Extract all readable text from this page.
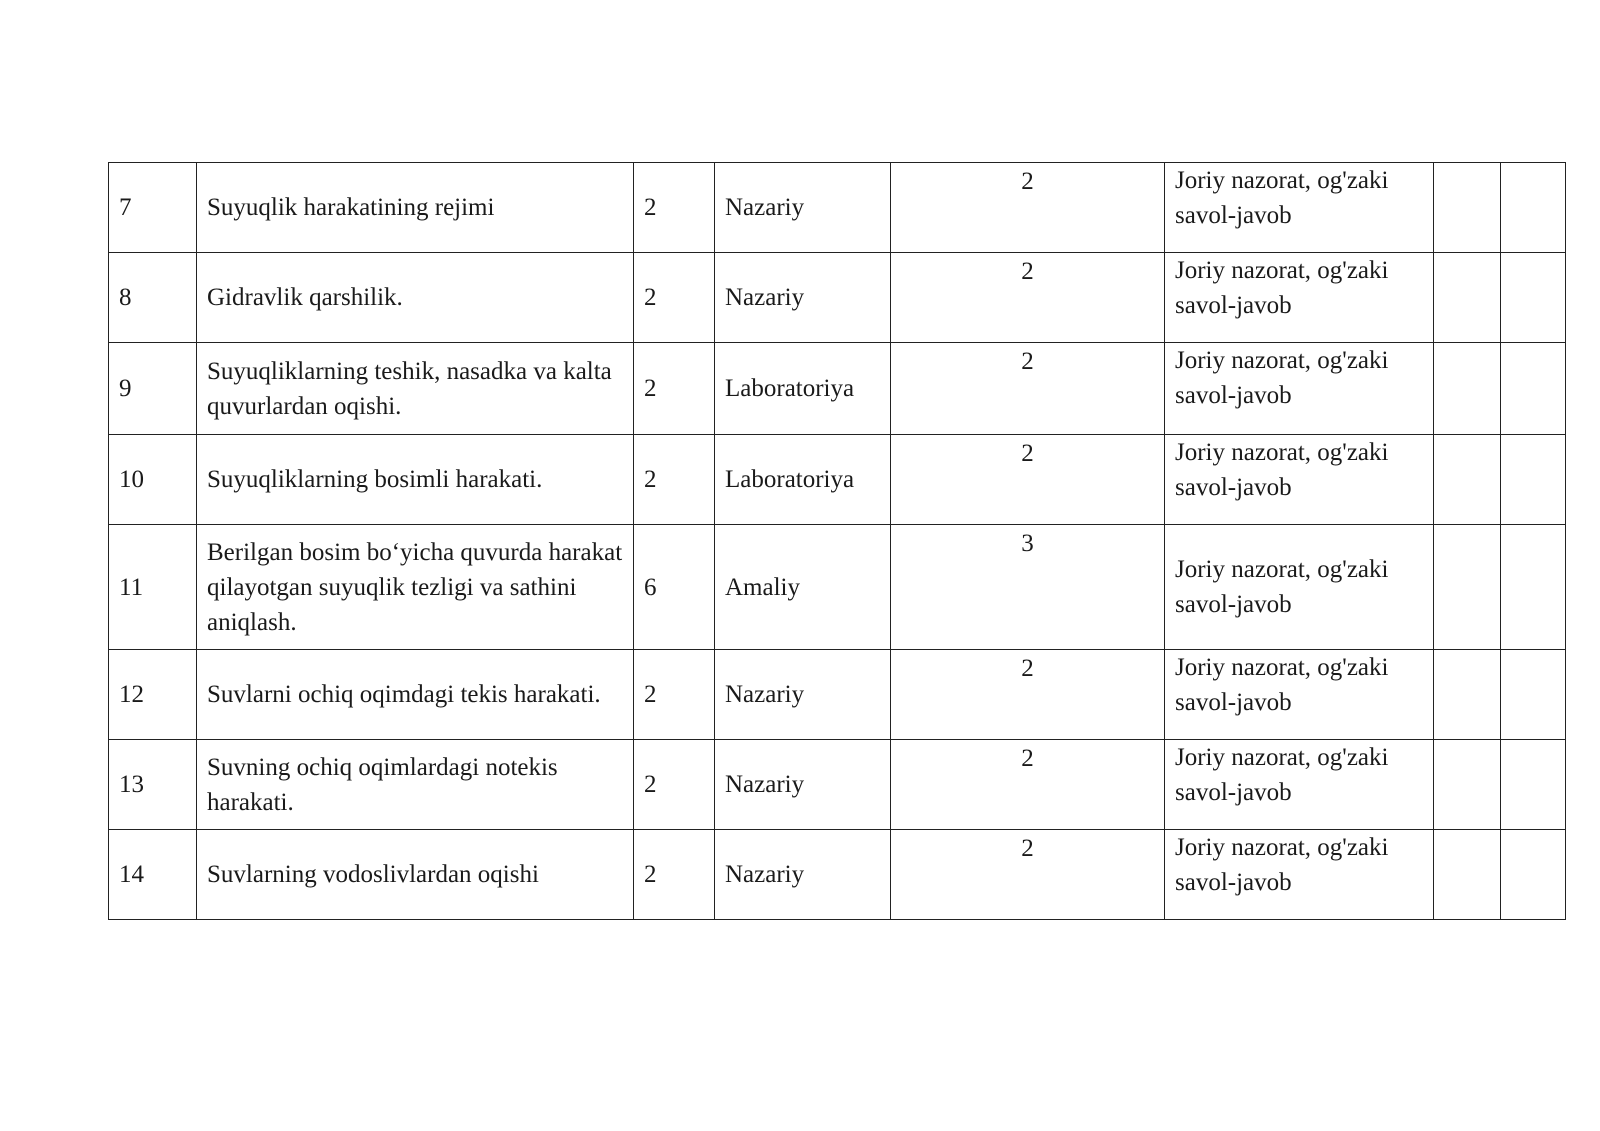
7	Suyuqlik harakatining rejimi	2	Nazariy	2	Joriy nazorat, og'zaki savol-javob		
8	Gidravlik qarshilik.	2	Nazariy	2	Joriy nazorat, og'zaki savol-javob		
9	Suyuqliklarning teshik, nasadka va kalta quvurlardan oqishi.	2	Laboratoriya	2	Joriy nazorat, og'zaki savol-javob		
10	Suyuqliklarning bosimli harakati.	2	Laboratoriya	2	Joriy nazorat, og'zaki savol-javob		
11	Berilgan bosim bo‘yicha quvurda harakat qilayotgan suyuqlik tezligi va sathini aniqlash.	6	Amaliy	3	Joriy nazorat, og'zaki savol-javob		
12	Suvlarni ochiq oqimdagi tekis harakati.	2	Nazariy	2	Joriy nazorat, og'zaki savol-javob		
13	Suvning ochiq oqimlardagi notekis harakati.	2	Nazariy	2	Joriy nazorat, og'zaki savol-javob		
14	Suvlarning vodoslivlardan oqishi	2	Nazariy	2	Joriy nazorat, og'zaki savol-javob		
